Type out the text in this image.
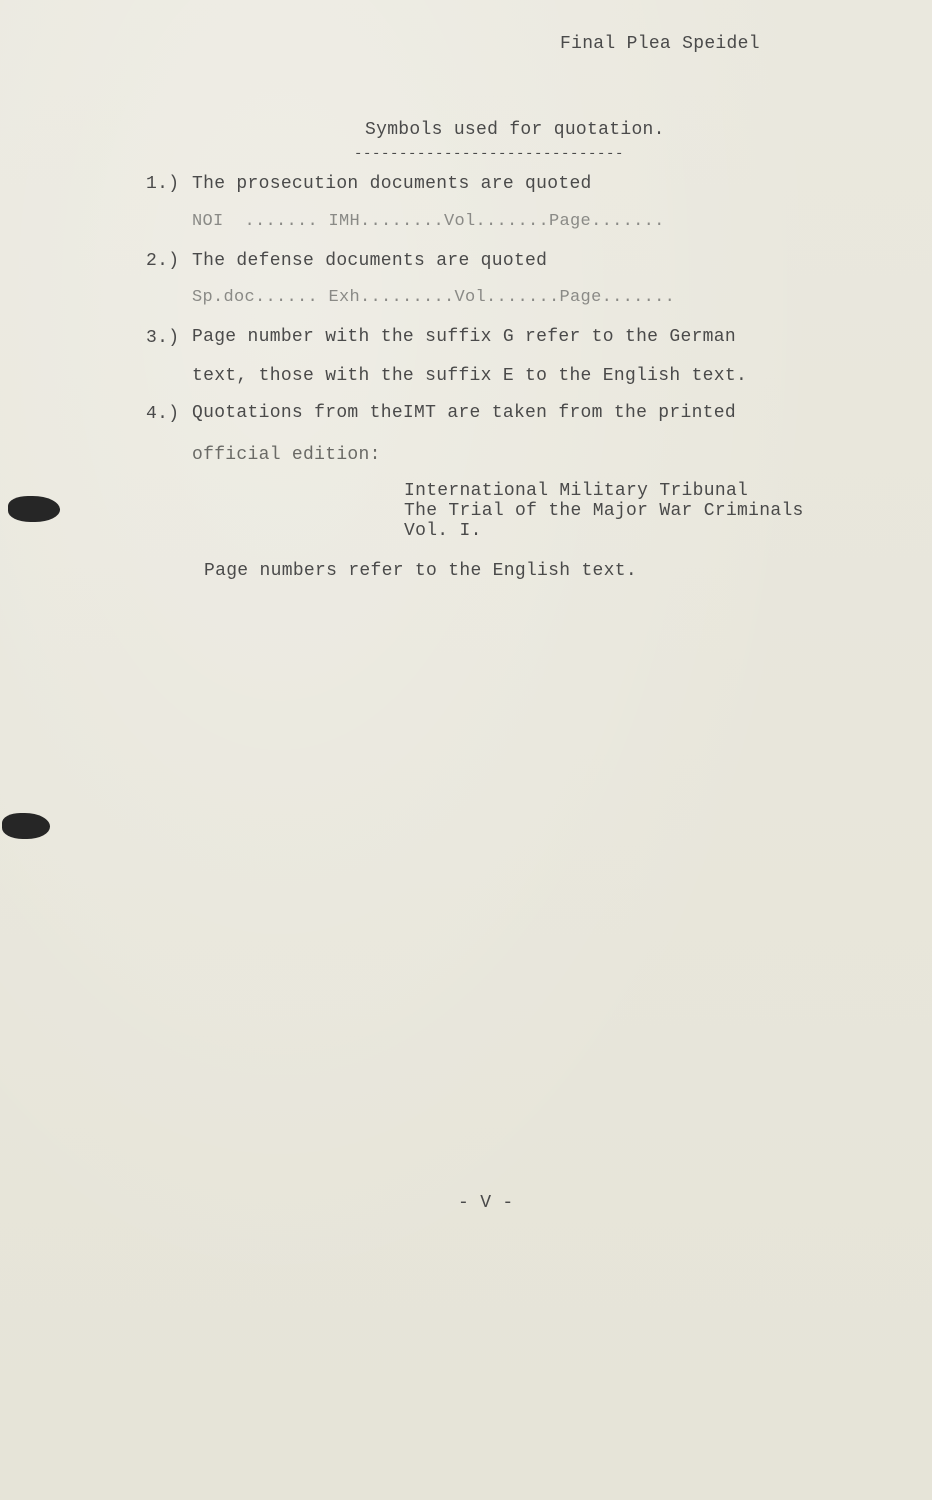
Final Plea Speidel
Symbols used for quotation.
------------------------------
1.) The prosecution documents are quoted
NOI  ....... IMH........Vol.......Page.......
2.) The defense documents are quoted
Sp.doc...... Exh.........Vol.......Page.......
3.) Page number with the suffix G refer to the German
text, those with the suffix E to the English text.
4.) Quotations from theIMT are taken from the printed
official edition:
International Military Tribunal
The Trial of the Major War Criminals
Vol. I.
Page numbers refer to the English text.
- V -
